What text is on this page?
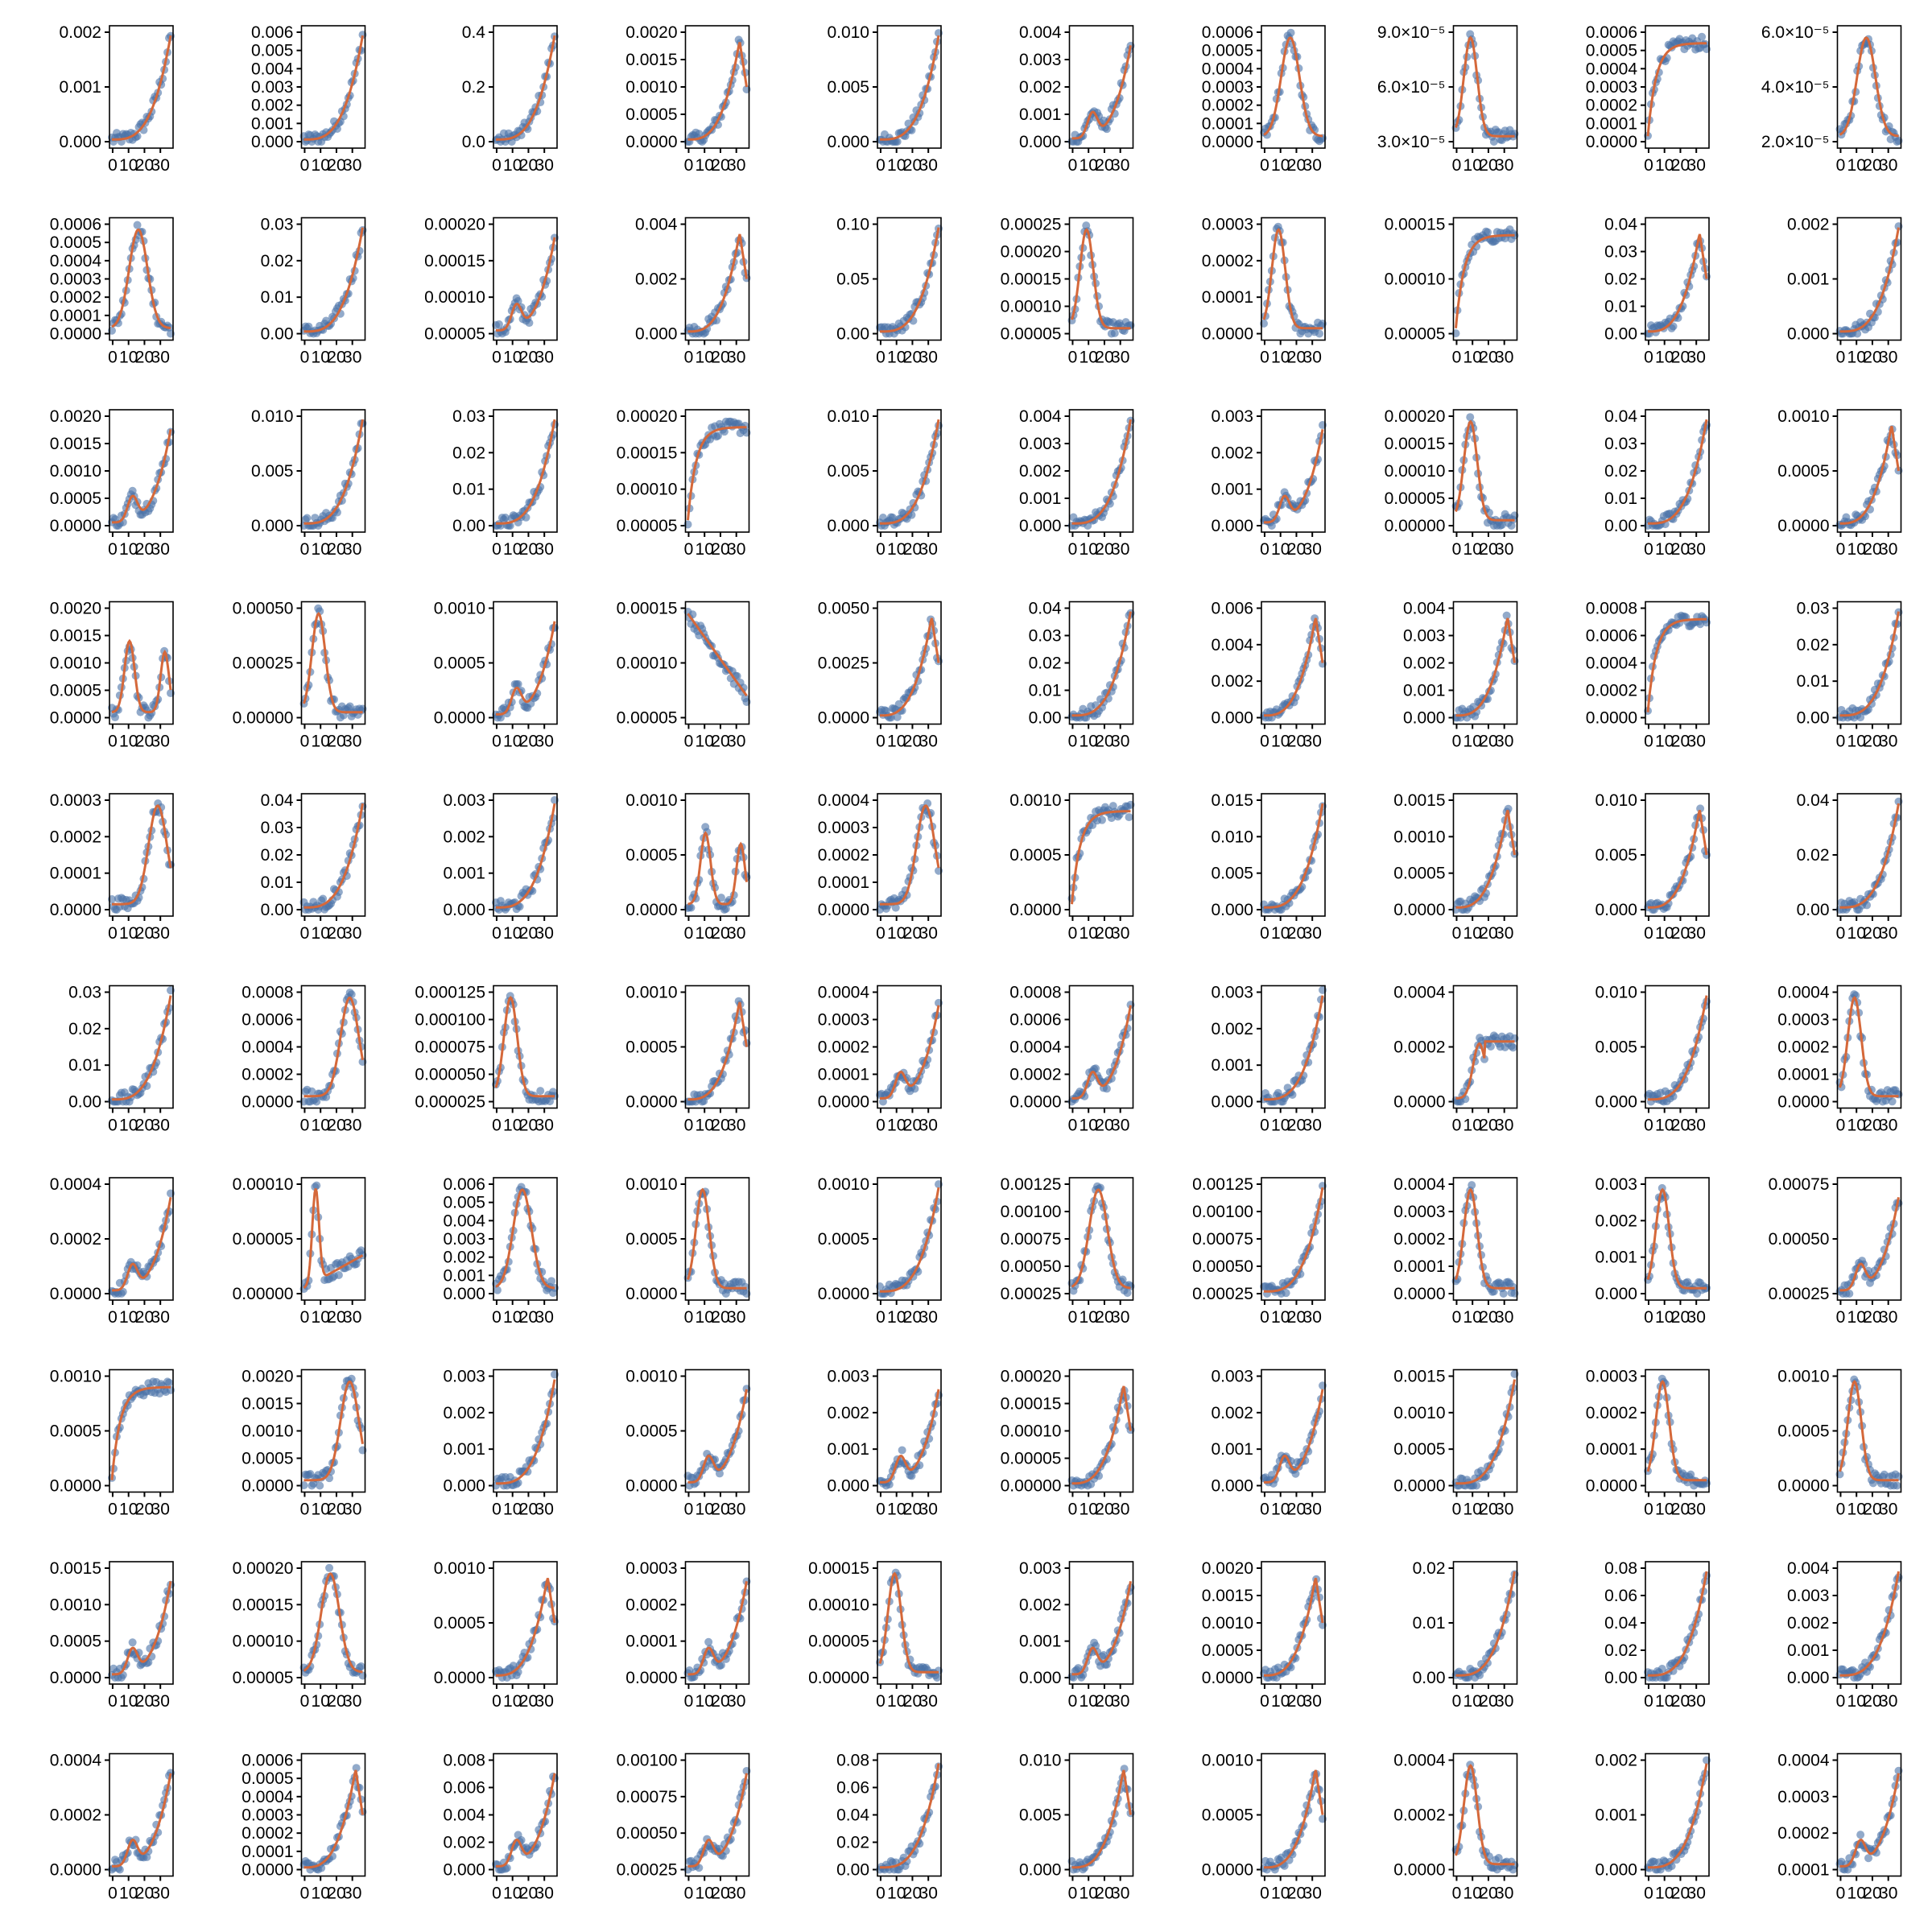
0.000
0.001
0.002
0 10
20
30
0.000
0.001
0.002
0.003
0.004
0.005
0.006
0 10
20
30
0.0
0.2
0.4
0 10
20
30
0.0000
0.0005
0.0010
0.0015
0.0020
0 10
20
30
0.000
0.005
0.010
0 10
20
30
0.000
0.001
0.002
0.003
0.004
0 10
20
30
0.0000
0.0001
0.0002
0.0003
0.0004
0.0005
0.0006
0 10
20
30
3.0×10⁻⁵
6.0×10⁻⁵
9.0×10⁻⁵
0 10
20
30
0.0000
0.0001
0.0002
0.0003
0.0004
0.0005
0.0006
0 10
20
30
2.0×10⁻⁵
4.0×10⁻⁵
6.0×10⁻⁵
0 10
20
30
0.0000
0.0001
0.0002
0.0003
0.0004
0.0005
0.0006
0 10
20
30
0.00
0.01
0.02
0.03
0 10
20
30
0.00005
0.00010
0.00015
0.00020
0 10
20
30
0.000
0.002
0.004
0 10
20
30
0.00
0.05
0.10
0 10
20
30
0.00005
0.00010
0.00015
0.00020
0.00025
0 10
20
30
0.0000
0.0001
0.0002
0.0003
0 10
20
30
0.00005
0.00010
0.00015
0 10
20
30
0.00
0.01
0.02
0.03
0.04
0 10
20
30
0.000
0.001
0.002
0 10
20
30
0.0000
0.0005
0.0010
0.0015
0.0020
0 10
20
30
0.000
0.005
0.010
0 10
20
30
0.00
0.01
0.02
0.03
0 10
20
30
0.00005
0.00010
0.00015
0.00020
0 10
20
30
0.000
0.005
0.010
0 10
20
30
0.000
0.001
0.002
0.003
0.004
0 10
20
30
0.000
0.001
0.002
0.003
0 10
20
30
0.00000
0.00005
0.00010
0.00015
0.00020
0 10
20
30
0.00
0.01
0.02
0.03
0.04
0 10
20
30
0.0000
0.0005
0.0010
0 10
20
30
0.0000
0.0005
0.0010
0.0015
0.0020
0 10
20
30
0.00000
0.00025
0.00050
0 10
20
30
0.0000
0.0005
0.0010
0 10
20
30
0.00005
0.00010
0.00015
0 10
20
30
0.0000
0.0025
0.0050
0 10
20
30
0.00
0.01
0.02
0.03
0.04
0 10
20
30
0.000
0.002
0.004
0.006
0 10
20
30
0.000
0.001
0.002
0.003
0.004
0 10
20
30
0.0000
0.0002
0.0004
0.0006
0.0008
0 10
20
30
0.00
0.01
0.02
0.03
0 10
20
30
0.0000
0.0001
0.0002
0.0003
0 10
20
30
0.00
0.01
0.02
0.03
0.04
0 10
20
30
0.000
0.001
0.002
0.003
0 10
20
30
0.0000
0.0005
0.0010
0 10
20
30
0.0000
0.0001
0.0002
0.0003
0.0004
0 10
20
30
0.0000
0.0005
0.0010
0 10
20
30
0.000
0.005
0.010
0.015
0 10
20
30
0.0000
0.0005
0.0010
0.0015
0 10
20
30
0.000
0.005
0.010
0 10
20
30
0.00
0.02
0.04
0 10
20
30
0.00
0.01
0.02
0.03
0 10
20
30
0.0000
0.0002
0.0004
0.0006
0.0008
0 10
20
30
0.000025
0.000050
0.000075
0.000100
0.000125
0 10
20
30
0.0000
0.0005
0.0010
0 10
20
30
0.0000
0.0001
0.0002
0.0003
0.0004
0 10
20
30
0.0000
0.0002
0.0004
0.0006
0.0008
0 10
20
30
0.000
0.001
0.002
0.003
0 10
20
30
0.0000
0.0002
0.0004
0 10
20
30
0.000
0.005
0.010
0 10
20
30
0.0000
0.0001
0.0002
0.0003
0.0004
0 10
20
30
0.0000
0.0002
0.0004
0 10
20
30
0.00000
0.00005
0.00010
0 10
20
30
0.000
0.001
0.002
0.003
0.004
0.005
0.006
0 10
20
30
0.0000
0.0005
0.0010
0 10
20
30
0.0000
0.0005
0.0010
0 10
20
30
0.00025
0.00050
0.00075
0.00100
0.00125
0 10
20
30
0.00025
0.00050
0.00075
0.00100
0.00125
0 10
20
30
0.0000
0.0001
0.0002
0.0003
0.0004
0 10
20
30
0.000
0.001
0.002
0.003
0 10
20
30
0.00025
0.00050
0.00075
0 10
20
30
0.0000
0.0005
0.0010
0 10
20
30
0.0000
0.0005
0.0010
0.0015
0.0020
0 10
20
30
0.000
0.001
0.002
0.003
0 10
20
30
0.0000
0.0005
0.0010
0 10
20
30
0.000
0.001
0.002
0.003
0 10
20
30
0.00000
0.00005
0.00010
0.00015
0.00020
0 10
20
30
0.000
0.001
0.002
0.003
0 10
20
30
0.0000
0.0005
0.0010
0.0015
0 10
20
30
0.0000
0.0001
0.0002
0.0003
0 10
20
30
0.0000
0.0005
0.0010
0 10
20
30
0.0000
0.0005
0.0010
0.0015
0 10
20
30
0.00005
0.00010
0.00015
0.00020
0 10
20
30
0.0000
0.0005
0.0010
0 10
20
30
0.0000
0.0001
0.0002
0.0003
0 10
20
30
0.00000
0.00005
0.00010
0.00015
0 10
20
30
0.000
0.001
0.002
0.003
0 10
20
30
0.0000
0.0005
0.0010
0.0015
0.0020
0 10
20
30
0.00
0.01
0.02
0 10
20
30
0.00
0.02
0.04
0.06
0.08
0 10
20
30
0.000
0.001
0.002
0.003
0.004
0 10
20
30
0.0000
0.0002
0.0004
0 10
20
30
0.0000
0.0001
0.0002
0.0003
0.0004
0.0005
0.0006
0 10
20
30
0.000
0.002
0.004
0.006
0.008
0 10
20
30
0.00025
0.00050
0.00075
0.00100
0 10
20
30
0.00
0.02
0.04
0.06
0.08
0 10
20
30
0.000
0.005
0.010
0 10
20
30
0.0000
0.0005
0.0010
0 10
20
30
0.0000
0.0002
0.0004
0 10
20
30
0.000
0.001
0.002
0 10
20
30
0.0001
0.0002
0.0003
0.0004
0 10
20
30
